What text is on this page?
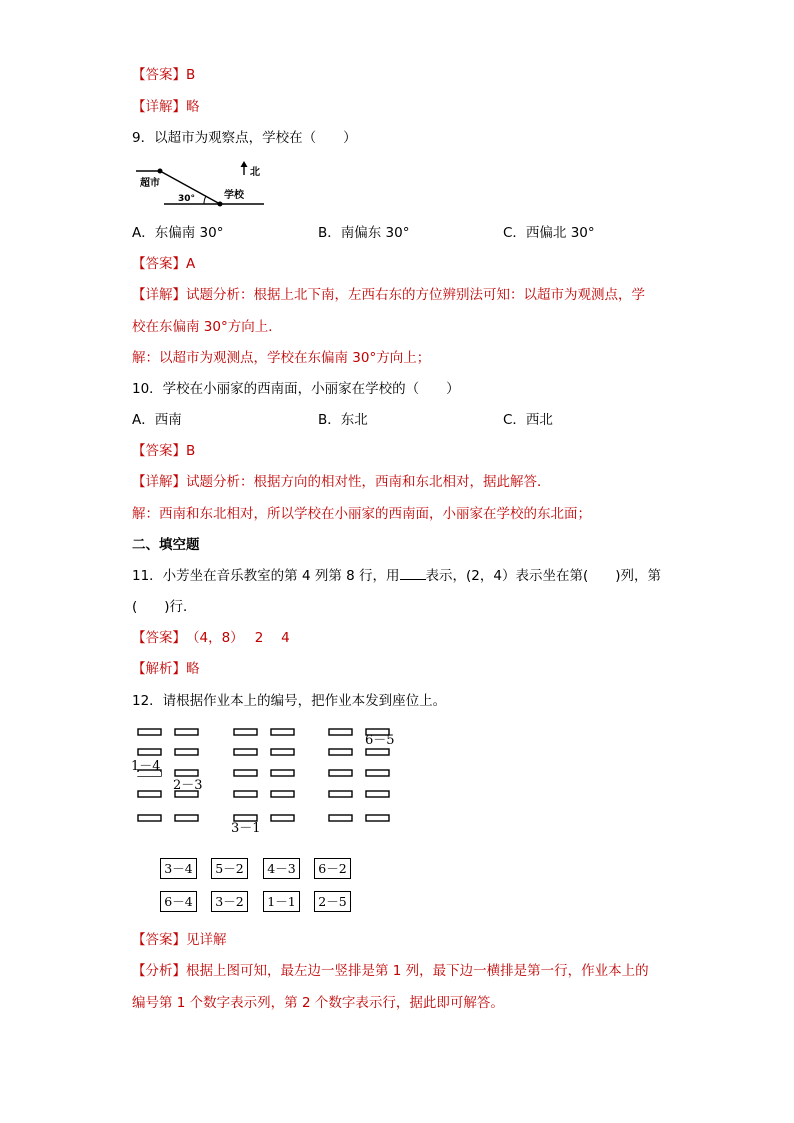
【答案】B
【详解】略
9．以超市为观察点，学校在（　　）
超市
30°	学校
北
A．东偏南 30°	B．南偏东 30°	C．西偏北 30°
【答案】A
【详解】试题分析：根据上北下南，左西右东的方位辨别法可知：以超市为观测点，学
校在东偏南 30°方向上．
解：以超市为观测点，学校在东偏南 30°方向上；
10．学校在小丽家的西南面，小丽家在学校的（　　）
A．西南	B．东北	C．西北
【答案】B
【详解】试题分析：根据方向的相对性，西南和东北相对，据此解答．
解：西南和东北相对，所以学校在小丽家的西南面，小丽家在学校的东北面；
二、填空题
11．小芳坐在音乐教室的第 4 列第 8 行，用 表示，(2，4）表示坐在第(　　)列，第
(　　)行．
【答案】　（4，8）　 2　 4
【解析】略
12．请根据作业本上的编号，把作业本发到座位上。
1－4
2－3
3－1
6－5
3－4	5－2	4－3	6－2
6－4	3－2	1－1	2－5
【答案】见详解
【分析】根据上图可知，最左边一竖排是第 1 列，最下边一横排是第一行，作业本上的
编号第 1 个数字表示列，第 2 个数字表示行，据此即可解答。
